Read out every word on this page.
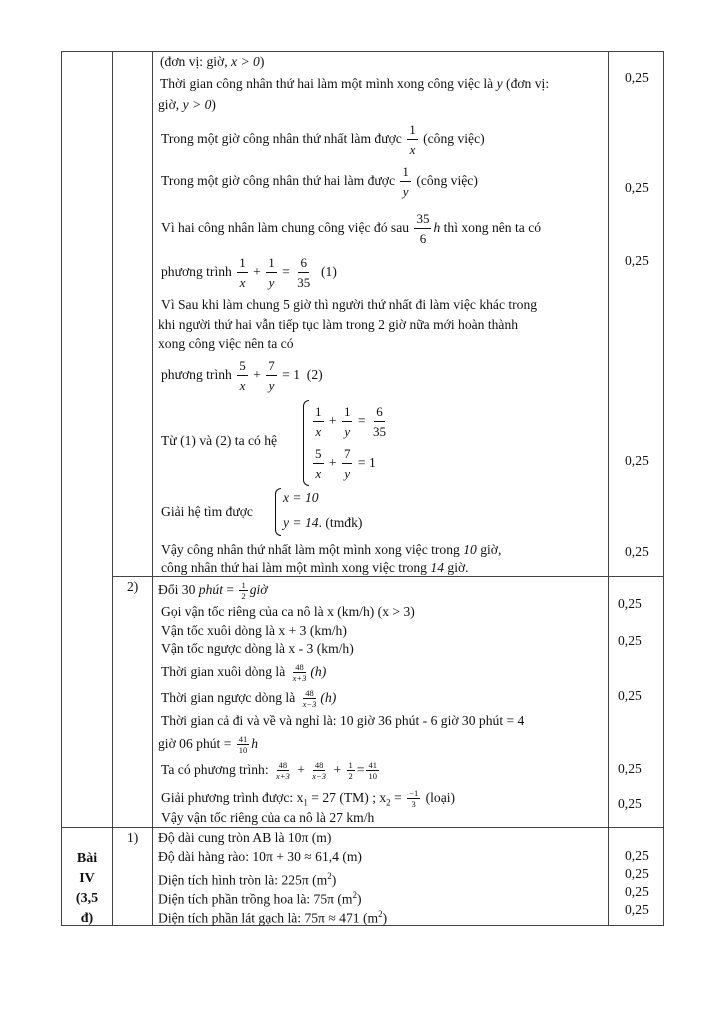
(đơn vị: giờ, x > 0)
Thời gian công nhân thứ hai làm một mình xong công việc là y (đơn vị:
giờ, y > 0)
Trong một giờ công nhân thứ nhất làm được $\frac{1}{x}$ (công việc)
Trong một giờ công nhân thứ hai làm được $\frac{1}{y}$ (công việc)
Vì hai công nhân làm chung công việc đó sau $\frac{35}{6}$ h thì xong nên ta có
phương trình $\frac{1}{x} + \frac{1}{y} = \frac{6}{35} (1)$
Vì Sau khi làm chung 5 giờ thì người thứ nhất đi làm việc khác trong
khi người thứ hai vẫn tiếp tục làm trong 2 giờ nữa mới hoàn thành
xong công việc nên ta có
phương trình $\frac{5}{x} + \frac{7}{y} = 1$ (2)
Từ (1) và (2) ta có hệ
$\frac{1}{x} + \frac{1}{y} = \frac{6}{35}$
$\frac{5}{x} + \frac{7}{y} = 1$
Giải hệ tìm được
x = 10
y = 14. (tmđk)
Vậy công nhân thứ nhất làm một mình xong việc trong 10 giờ,
công nhân thứ hai làm một mình xong việc trong 14 giờ.
0,25
0,25
0,25
0,25
0,25
2) Đổi 30 phút = $\frac{1}{2}$ giờ
Gọi vận tốc riêng của ca nô là x (km/h) (x > 3)
Vận tốc xuôi dòng là x + 3 (km/h)
Vận tốc ngược dòng là x - 3 (km/h)
Thời gian xuôi dòng là $\frac{48}{x+3} (h)$
Thời gian ngược dòng là $\frac{48}{x-3} (h)$
Thời gian cả đi và về và nghỉ là: 10 giờ 36 phút - 6 giờ 30 phút = 4
giờ 06 phút = $\frac{41}{10}$ h
Ta có phương trình: $\frac{48}{x+3} + \frac{48}{x-3} + \frac{1}{2} = \frac{41}{10}$
Giải phương trình được: $x_1 = 27$ (TM) ; $x_2 = \frac{-1}{3}$ (loại)
Vậy vận tốc riêng của ca nô là 27 km/h
0,25
0,25
0,25
0,25
0,25
Bài
IV
(3,5
đ)
1) Độ dài cung tròn AB là 10π (m)
Độ dài hàng rào: 10π + 30 ≈ 61,4 (m)
Diện tích hình tròn là: 225π $(m^2)$
Diện tích phần trồng hoa là: 75π $(m^2)$
Diện tích phần lát gạch là: 75π ≈ 471 $(m^2)$
0,25
0,25
0,25
0,25
